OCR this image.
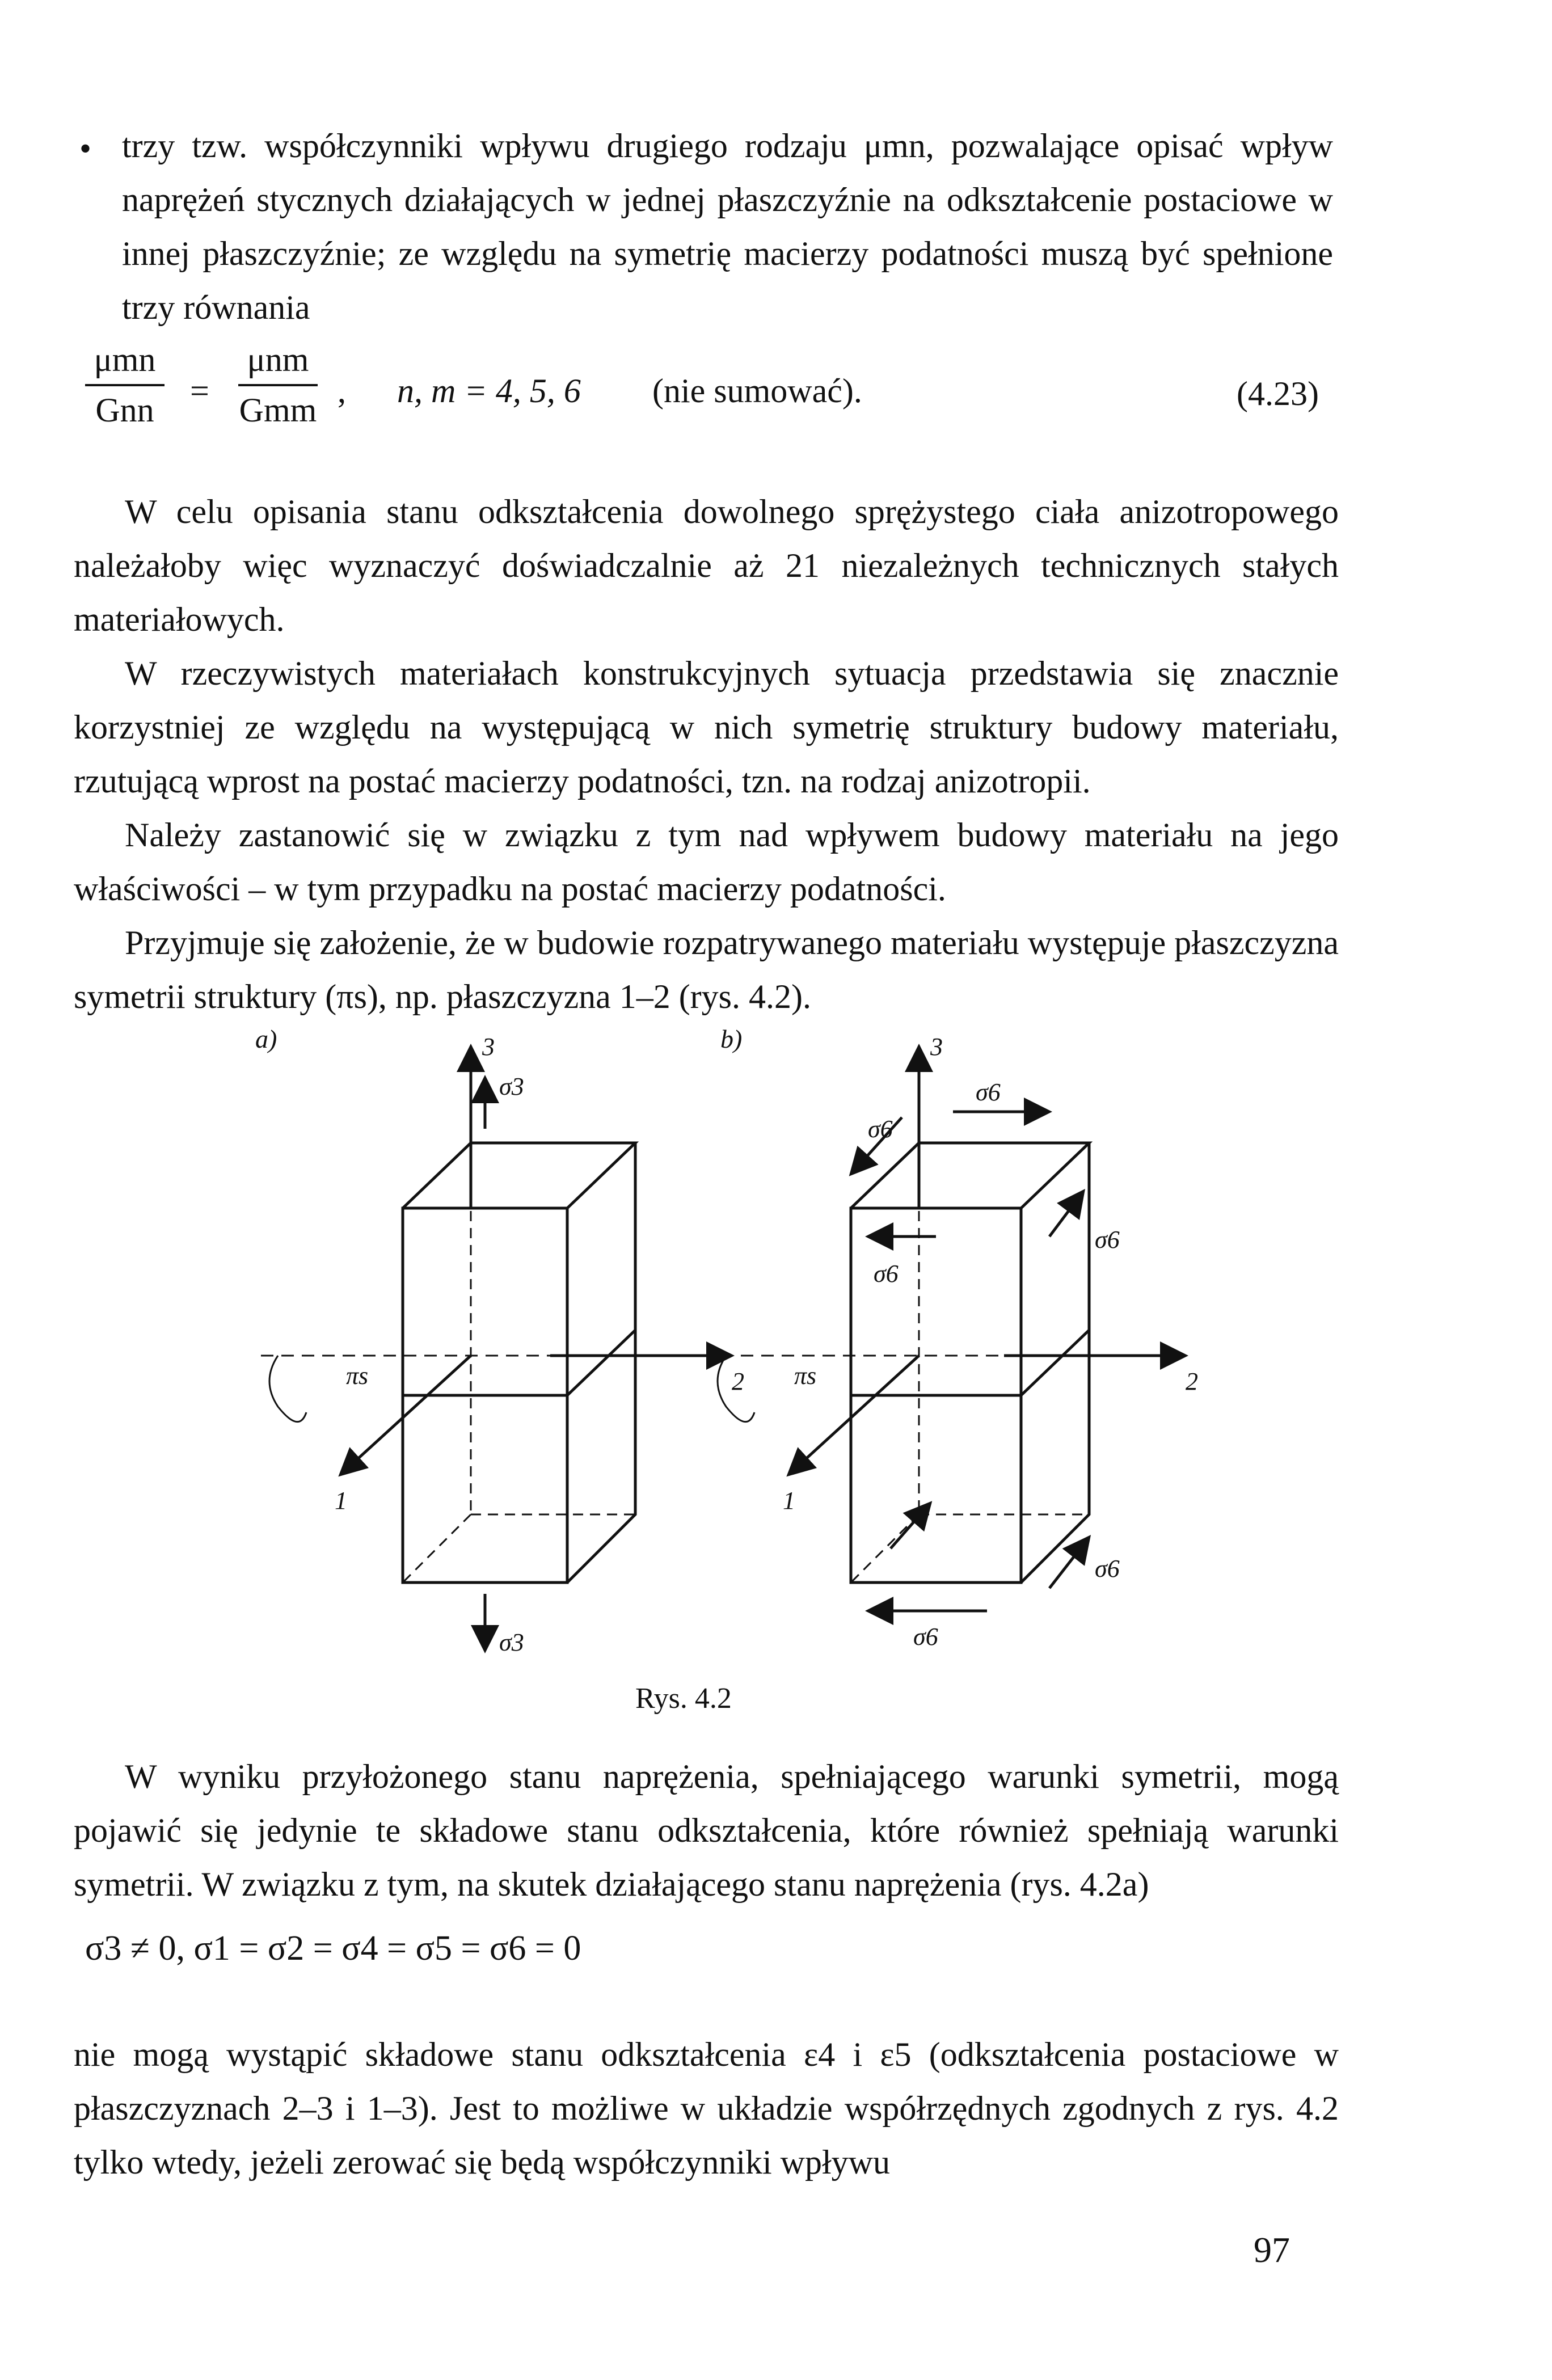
• trzy tzw. współczynniki wpływu drugiego rodzaju μmn, pozwalające opisać wpływ naprężeń stycznych działających w jednej płaszczyźnie na odkształcenie postaciowe w innej płaszczyźnie; ze względu na symetrię macierzy podatności muszą być spełnione trzy równania

μmn
Gnn
=
μnm
Gmm
, n, m = 4, 5, 6 (nie sumować).	(4.23)

W celu opisania stanu odkształcenia dowolnego sprężystego ciała anizotropowego należałoby więc wyznaczyć doświadczalnie aż 21 niezależnych technicznych stałych materiałowych.

W rzeczywistych materiałach konstrukcyjnych sytuacja przedstawia się znacznie korzystniej ze względu na występującą w nich symetrię struktury budowy materiału, rzutującą wprost na postać macierzy podatności, tzn. na rodzaj anizotropii.

Należy zastanowić się w związku z tym nad wpływem budowy materiału na jego właściwości – w tym przypadku na postać macierzy podatności.

Przyjmuje się założenie, że w budowie rozpatrywanego materiału występuje płaszczyzna symetrii struktury (πs), np. płaszczyzna 1–2 (rys. 4.2).

a)	b)
3	3
2	2
1	1
πs	πs
σ3
σ3
σ6
σ6
σ6
σ6
σ6
σ6
Rys. 4.2

W wyniku przyłożonego stanu naprężenia, spełniającego warunki symetrii, mogą pojawić się jedynie te składowe stanu odkształcenia, które również spełniają warunki symetrii. W związku z tym, na skutek działającego stanu naprężenia (rys. 4.2a)

σ3 ≠ 0, σ1 = σ2 = σ4 = σ5 = σ6 = 0

nie mogą wystąpić składowe stanu odkształcenia ε4 i ε5 (odkształcenia postaciowe w płaszczyznach 2–3 i 1–3). Jest to możliwe w układzie współrzędnych zgodnych z rys. 4.2 tylko wtedy, jeżeli zerować się będą współczynniki wpływu

97
